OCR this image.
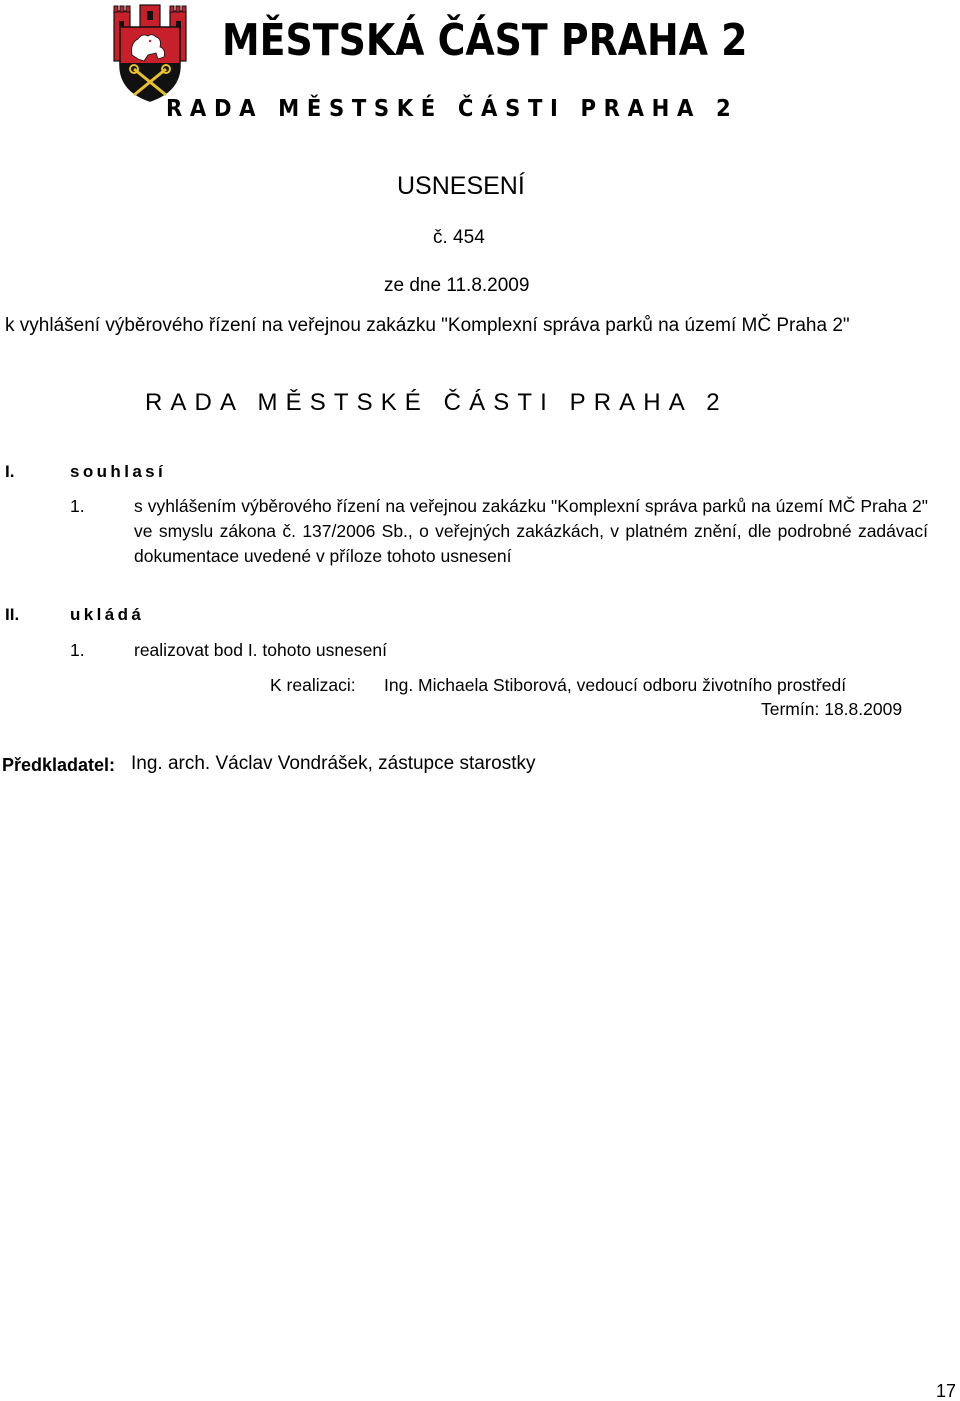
MĚSTSKÁ ČÁST PRAHA 2
RADA MĚSTSKÉ ČÁSTI PRAHA 2
USNESENÍ
č. 454
ze dne 11.8.2009
k vyhlášení výběrového řízení na veřejnou zakázku "Komplexní správa parků na území MČ Praha 2"
RADA MĚSTSKÉ ČÁSTI PRAHA 2
I.	souhlasí
1.	s vyhlášením výběrového řízení na veřejnou zakázku "Komplexní správa parků na území MČ Praha 2" ve smyslu zákona č. 137/2006 Sb., o veřejných zakázkách, v platném znění, dle podrobné zadávací dokumentace uvedené v příloze tohoto usnesení
II.	ukládá
1.	realizovat bod I. tohoto usnesení
K realizaci: Ing. Michaela Stiborová, vedoucí odboru životního prostředí
Termín: 18.8.2009
Předkladatel: Ing. arch. Václav Vondrášek, zástupce starostky
17
